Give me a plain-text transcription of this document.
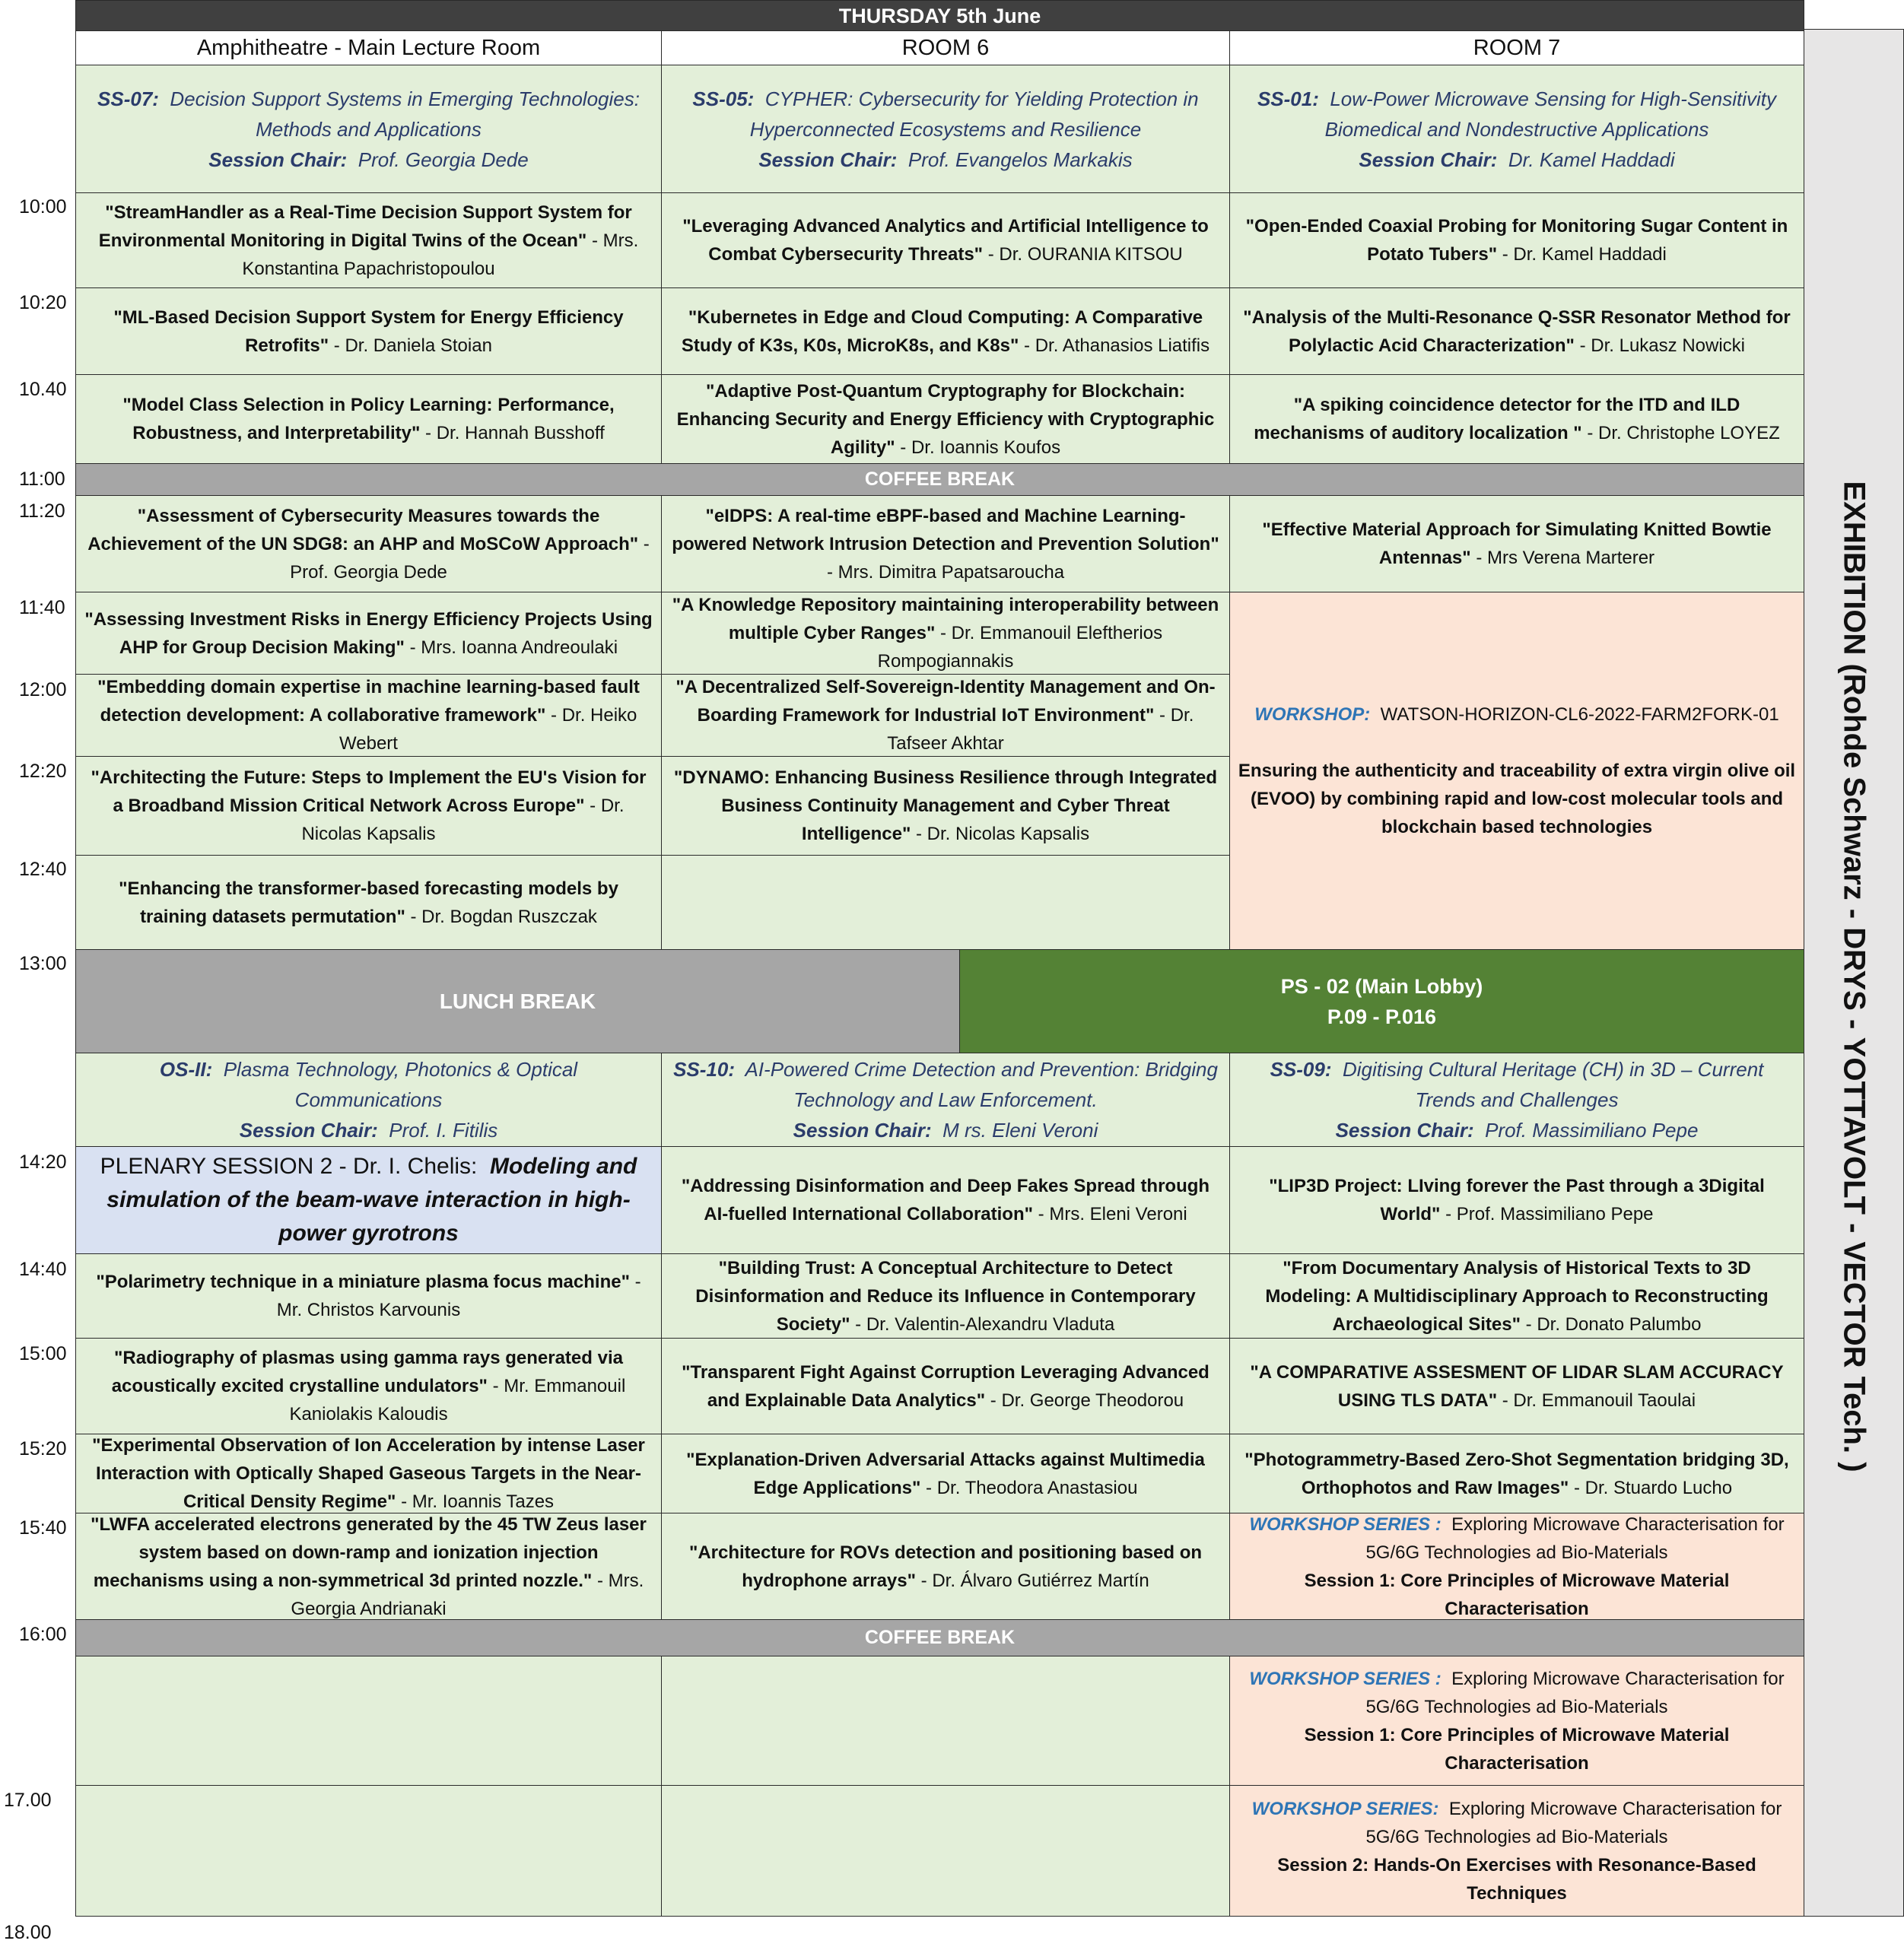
EXHIBITION (Rohde Schwarz - DRYS - YOTTAVOLT - VECTOR Tech. )
10:00
10:20
10.40
11:00
11:20
11:40
12:00
12:20
12:40
13:00
14:20
14:40
15:00
15:20
15:40
16:00
17.00
18.00
THURSDAY 5th June
Amphitheatre - Main Lecture Room	ROOM 6	ROOM 7
SS-07: Decision Support Systems in Emerging Technologies: Methods and Applications
Session Chair: Prof. Georgia Dede
SS-05: CYPHER: Cybersecurity for Yielding Protection in Hyperconnected Ecosystems and Resilience
Session Chair: Prof. Evangelos Markakis
SS-01: Low-Power Microwave Sensing for High-Sensitivity Biomedical and Nondestructive Applications
Session Chair: Dr. Kamel Haddadi
"StreamHandler as a Real-Time Decision Support System for Environmental Monitoring in Digital Twins of the Ocean" - Mrs. Konstantina Papachristopoulou
"ML-Based Decision Support System for Energy Efficiency Retrofits" - Dr. Daniela Stoian
"Model Class Selection in Policy Learning: Performance, Robustness, and Interpretability" - Dr. Hannah Busshoff
"Leveraging Advanced Analytics and Artificial Intelligence to Combat Cybersecurity Threats" - Dr. OURANIA KITSOU
"Kubernetes in Edge and Cloud Computing: A Comparative Study of K3s, K0s, MicroK8s, and K8s" - Dr. Athanasios Liatifis
"Adaptive Post-Quantum Cryptography for Blockchain: Enhancing Security and Energy Efficiency with Cryptographic Agility" - Dr. Ioannis Koufos
"Open-Ended Coaxial Probing for Monitoring Sugar Content in Potato Tubers" - Dr. Kamel Haddadi
"Analysis of the Multi-Resonance Q-SSR Resonator Method for Polylactic Acid Characterization" - Dr. Lukasz Nowicki
"A spiking coincidence detector for the ITD and ILD mechanisms of auditory localization " - Dr. Christophe LOYEZ
COFFEE BREAK
"Assessment of Cybersecurity Measures towards the Achievement of the UN SDG8: an AHP and MoSCoW Approach" - Prof. Georgia Dede
"Assessing Investment Risks in Energy Efficiency Projects Using AHP for Group Decision Making" - Mrs. Ioanna Andreoulaki
"Embedding domain expertise in machine learning-based fault detection development: A collaborative framework" - Dr. Heiko Webert
"Architecting the Future: Steps to Implement the EU's Vision for a Broadband Mission Critical Network Across Europe" - Dr. Nicolas Kapsalis
"Enhancing the transformer-based forecasting models by training datasets permutation" - Dr. Bogdan Ruszczak
"eIDPS: A real-time eBPF-based and Machine Learning-powered Network Intrusion Detection and Prevention Solution" - Mrs. Dimitra Papatsaroucha
"A Knowledge Repository maintaining interoperability between multiple Cyber Ranges" - Dr. Emmanouil Eleftherios Rompogiannakis
"A Decentralized Self-Sovereign-Identity Management and On-Boarding Framework for Industrial IoT Environment" - Dr. Tafseer Akhtar
"DYNAMO: Enhancing Business Resilience through Integrated Business Continuity Management and Cyber Threat Intelligence" - Dr. Nicolas Kapsalis
"Effective Material Approach for Simulating Knitted Bowtie Antennas" - Mrs Verena Marterer
WORKSHOP: WATSON-HORIZON-CL6-2022-FARM2FORK-01

Ensuring the authenticity and traceability of extra virgin olive oil (EVOO) by combining rapid and low-cost molecular tools and blockchain based technologies
LUNCH BREAK
PS - 02 (Main Lobby)
P.09 - P.016
OS-II: Plasma Technology, Photonics & Optical Communications
Session Chair: Prof. I. Fitilis
SS-10: AI-Powered Crime Detection and Prevention: Bridging Technology and Law Enforcement.
Session Chair: M rs. Eleni Veroni
SS-09: Digitising Cultural Heritage (CH) in 3D – Current Trends and Challenges
Session Chair: Prof. Massimiliano Pepe
PLENARY SESSION 2 - Dr. I. Chelis: Modeling and simulation of the beam-wave interaction in high-power gyrotrons
"Polarimetry technique in a miniature plasma focus machine" - Mr. Christos Karvounis
"Radiography of plasmas using gamma rays generated via acoustically excited crystalline undulators" - Mr. Emmanouil Kaniolakis Kaloudis
"Experimental Observation of Ion Acceleration by intense Laser Interaction with Optically Shaped Gaseous Targets in the Near-Critical Density Regime" - Mr. Ioannis Tazes
"LWFA accelerated electrons generated by the 45 TW Zeus laser system based on down-ramp and ionization injection mechanisms using a non-symmetrical 3d printed nozzle." - Mrs. Georgia Andrianaki
"Addressing Disinformation and Deep Fakes Spread through AI-fuelled International Collaboration" - Mrs. Eleni Veroni
"Building Trust: A Conceptual Architecture to Detect Disinformation and Reduce its Influence in Contemporary Society" - Dr. Valentin-Alexandru Vladuta
"Transparent Fight Against Corruption Leveraging Advanced and Explainable Data Analytics" - Dr. George Theodorou
"Explanation-Driven Adversarial Attacks against Multimedia Edge Applications" - Dr. Theodora Anastasiou
"Architecture for ROVs detection and positioning based on hydrophone arrays" - Dr. Álvaro Gutiérrez Martín
"LIP3D Project: LIving forever the Past through a 3Digital World" - Prof. Massimiliano Pepe
"From Documentary Analysis of Historical Texts to 3D Modeling: A Multidisciplinary Approach to Reconstructing Archaeological Sites" - Dr. Donato Palumbo
"A COMPARATIVE ASSESMENT OF LIDAR SLAM ACCURACY USING TLS DATA" - Dr. Emmanouil Taoulai
"Photogrammetry-Based Zero-Shot Segmentation bridging 3D, Orthophotos and Raw Images" - Dr. Stuardo Lucho
WORKSHOP SERIES : Exploring Microwave Characterisation for 5G/6G Technologies ad Bio-Materials
Session 1: Core Principles of Microwave Material Characterisation
COFFEE BREAK
WORKSHOP SERIES : Exploring Microwave Characterisation for 5G/6G Technologies ad Bio-Materials
Session 1: Core Principles of Microwave Material Characterisation
WORKSHOP SERIES: Exploring Microwave Characterisation for 5G/6G Technologies ad Bio-Materials
Session 2: Hands-On Exercises with Resonance-Based Techniques
